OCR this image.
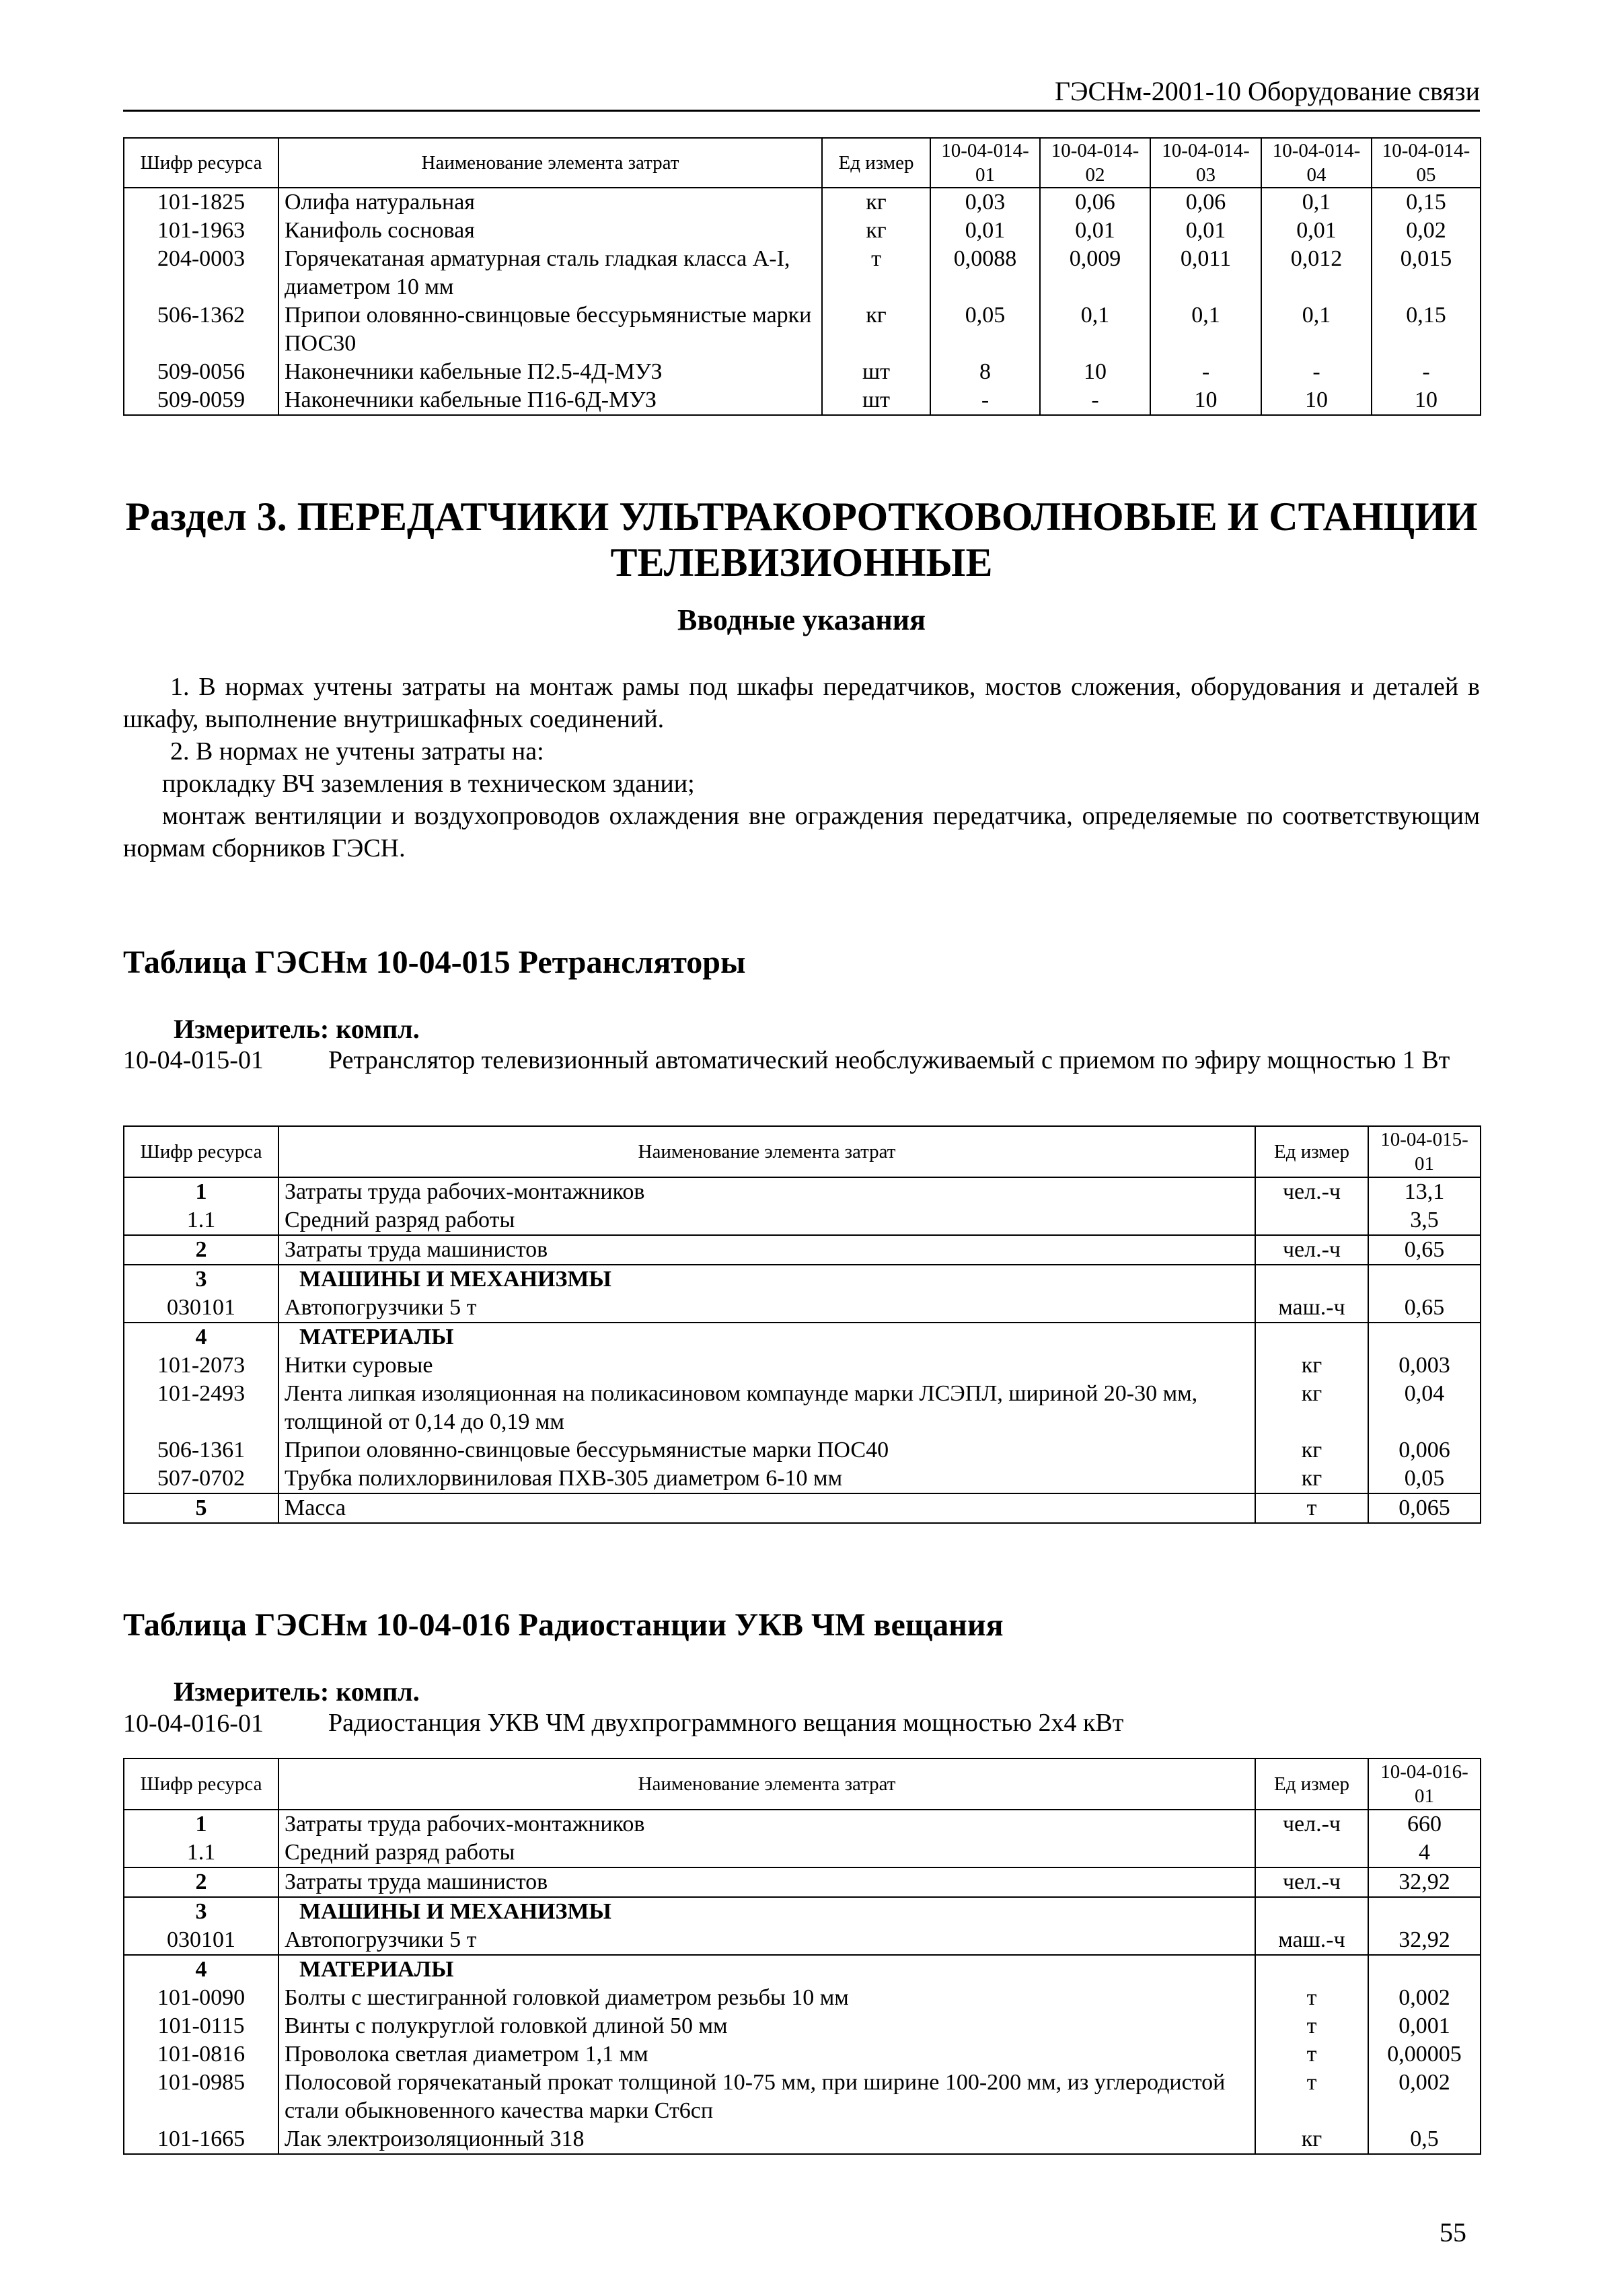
ГЭСНм-2001-10 Оборудование связи
Шифр ресурса	Наименование элемента затрат	Ед измер	10-04-014-01	10-04-014-02	10-04-014-03	10-04-014-04	10-04-014-05
101-1825	Олифа натуральная	кг	0,03	0,06	0,06	0,1	0,15
101-1963	Канифоль сосновая	кг	0,01	0,01	0,01	0,01	0,02
204-0003	Горячекатаная арматурная сталь гладкая класса А-I, диаметром 10 мм	т	0,0088	0,009	0,011	0,012	0,015
506-1362	Припои оловянно-свинцовые бессурьмянистые марки ПОС30	кг	0,05	0,1	0,1	0,1	0,15
509-0056	Наконечники кабельные П2.5-4Д-МУЗ	шт	8	10	-	-	-
509-0059	Наконечники кабельные П16-6Д-МУЗ	шт	-	-	10	10	10
Раздел 3. ПЕРЕДАТЧИКИ УЛЬТРАКОРОТКОВОЛНОВЫЕ И СТАНЦИИ
ТЕЛЕВИЗИОННЫЕ
Вводные указания
1. В нормах учтены затраты на монтаж рамы под шкафы передатчиков, мостов сложения, оборудования и деталей в шкафу, выполнение внутришкафных соединений.
2. В нормах не учтены затраты на:
прокладку ВЧ заземления в техническом здании;
монтаж вентиляции и воздухопроводов охлаждения вне ограждения передатчика, определяемые по соответствующим нормам сборников ГЭСН.
Таблица ГЭСНм 10-04-015 Ретрансляторы
Измеритель: компл.
10-04-015-01	Ретранслятор телевизионный автоматический необслуживаемый с приемом по эфиру мощностью 1 Вт
Шифр ресурса	Наименование элемента затрат	Ед измер	10-04-015-01
1	Затраты труда рабочих-монтажников	чел.-ч	13,1
1.1	Средний разряд работы		3,5
2	Затраты труда машинистов	чел.-ч	0,65
3	МАШИНЫ И МЕХАНИЗМЫ		
030101	Автопогрузчики 5 т	маш.-ч	0,65
4	МАТЕРИАЛЫ		
101-2073	Нитки суровые	кг	0,003
101-2493	Лента липкая изоляционная на поликасиновом компаунде марки ЛСЭПЛ, шириной 20-30 мм, толщиной от 0,14 до 0,19 мм	кг	0,04
506-1361	Припои оловянно-свинцовые бессурьмянистые марки ПОС40	кг	0,006
507-0702	Трубка полихлорвиниловая ПХВ-305 диаметром 6-10 мм	кг	0,05
5	Масса	т	0,065
Таблица ГЭСНм 10-04-016 Радиостанции УКВ ЧМ вещания
Измеритель: компл.
10-04-016-01	Радиостанция УКВ ЧМ двухпрограммного вещания мощностью 2х4 кВт
Шифр ресурса	Наименование элемента затрат	Ед измер	10-04-016-01
1	Затраты труда рабочих-монтажников	чел.-ч	660
1.1	Средний разряд работы		4
2	Затраты труда машинистов	чел.-ч	32,92
3	МАШИНЫ И МЕХАНИЗМЫ		
030101	Автопогрузчики 5 т	маш.-ч	32,92
4	МАТЕРИАЛЫ		
101-0090	Болты с шестигранной головкой диаметром резьбы 10 мм	т	0,002
101-0115	Винты с полукруглой головкой длиной 50 мм	т	0,001
101-0816	Проволока светлая диаметром 1,1 мм	т	0,00005
101-0985	Полосовой горячекатаный прокат толщиной 10-75 мм, при ширине 100-200 мм, из углеродистой стали обыкновенного качества марки Ст6сп	т	0,002
101-1665	Лак электроизоляционный 318	кг	0,5
55
